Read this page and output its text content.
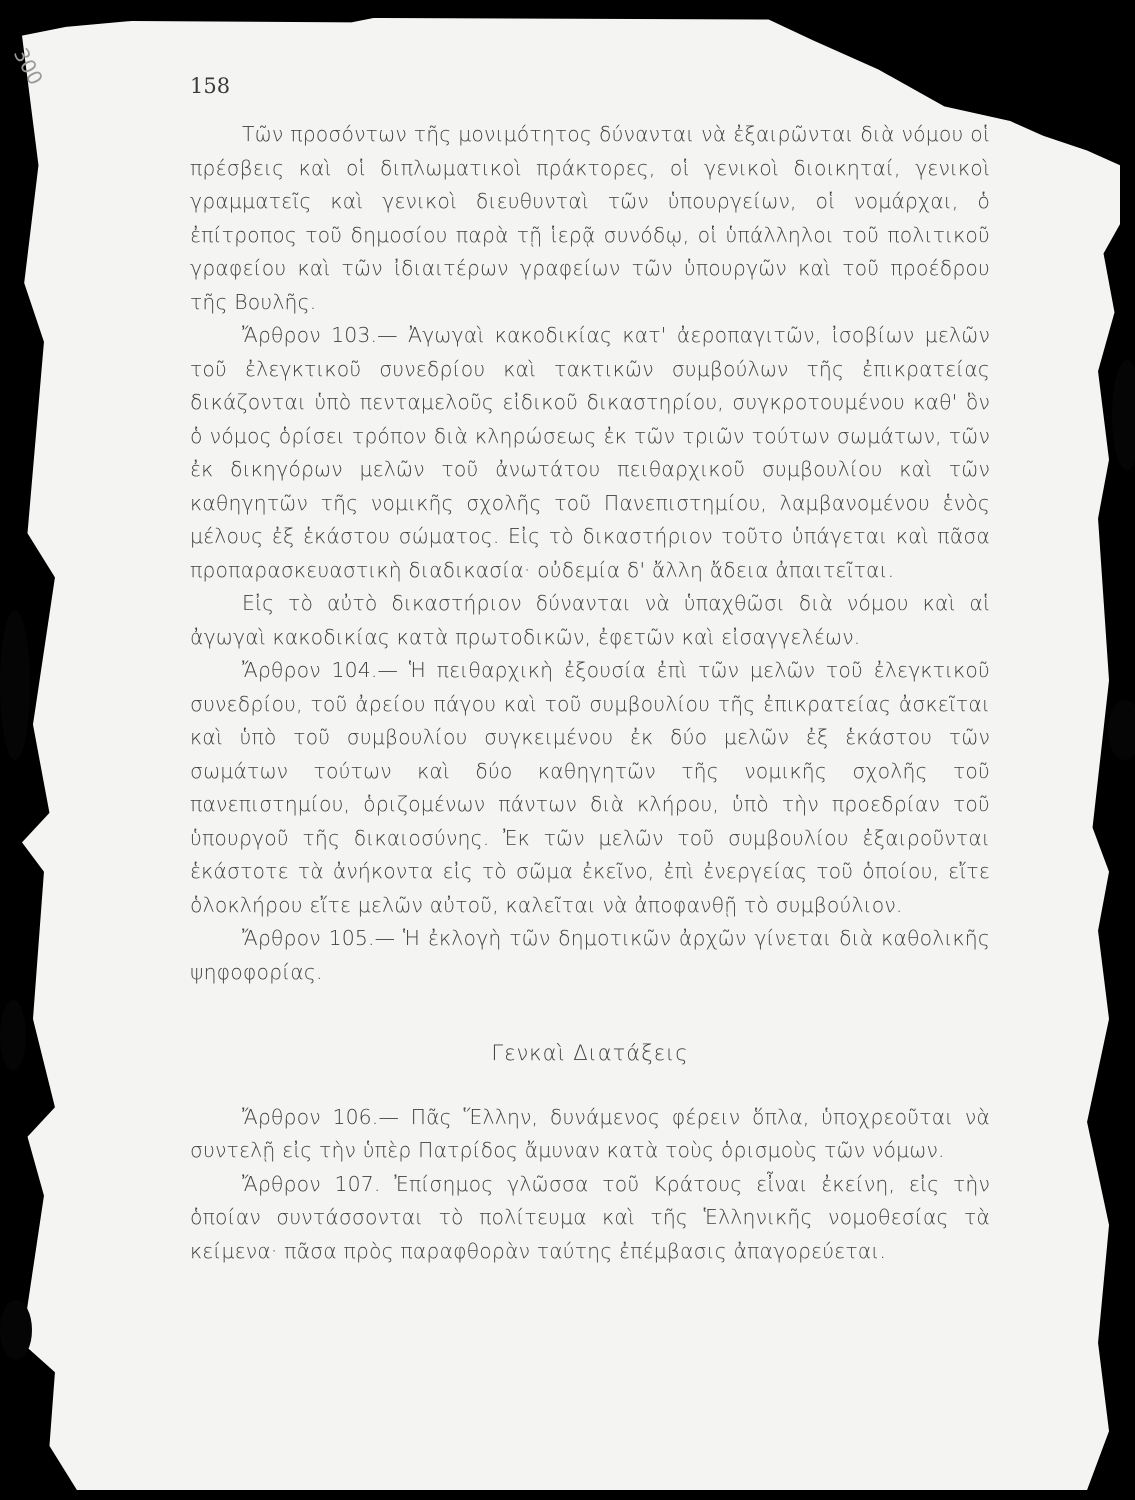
300	158

Τῶν προσόντων τῆς μονιμότητος δύνανται νὰ ἐξαιρῶνται διὰ νόμου οἱ πρέσβεις καὶ οἱ διπλωματικοὶ πράκτορες, οἱ γενικοὶ διοικηταί, γενικοὶ γραμματεῖς καὶ γενικοὶ διευθυνταὶ τῶν ὑπουργείων, οἱ νομάρχαι, ὁ ἐπίτροπος τοῦ δημοσίου παρὰ τῇ ἱερᾷ συνόδῳ, οἱ ὑπάλληλοι τοῦ πολιτικοῦ γραφείου καὶ τῶν ἰδιαιτέρων γραφείων τῶν ὑπουργῶν καὶ τοῦ προέδρου τῆς Βουλῆς.

Ἄρθρον 103.— Ἀγωγαὶ κακοδικίας κατ' ἀεροπαγιτῶν, ἰσοβίων μελῶν τοῦ ἐλεγκτικοῦ συνεδρίου καὶ τακτικῶν συμβούλων τῆς ἐπικρατείας δικάζονται ὑπὸ πενταμελοῦς εἰδικοῦ δικαστηρίου, συγκροτουμένου καθ' ὃν ὁ νόμος ὁρίσει τρόπον διὰ κληρώσεως ἐκ τῶν τριῶν τούτων σωμάτων, τῶν ἐκ δικηγόρων μελῶν τοῦ ἀνωτάτου πειθαρχικοῦ συμβουλίου καὶ τῶν καθηγητῶν τῆς νομικῆς σχολῆς τοῦ Πανεπιστημίου, λαμβανομένου ἑνὸς μέλους ἐξ ἑκάστου σώματος. Εἰς τὸ δικαστήριον τοῦτο ὑπάγεται καὶ πᾶσα προπαρασκευαστικὴ διαδικασία· οὐδεμία δ' ἄλλη ἄδεια ἀπαιτεῖται.

Εἰς τὸ αὐτὸ δικαστήριον δύνανται νὰ ὑπαχθῶσι διὰ νόμου καὶ αἱ ἀγωγαὶ κακοδικίας κατὰ πρωτοδικῶν, ἐφετῶν καὶ εἰσαγγελέων.

Ἄρθρον 104.— Ἡ πειθαρχικὴ ἐξουσία ἐπὶ τῶν μελῶν τοῦ ἐλεγκτικοῦ συνεδρίου, τοῦ ἀρείου πάγου καὶ τοῦ συμβουλίου τῆς ἐπικρατείας ἀσκεῖται καὶ ὑπὸ τοῦ συμβουλίου συγκειμένου ἐκ δύο μελῶν ἐξ ἑκάστου τῶν σωμάτων τούτων καὶ δύο καθηγητῶν τῆς νομικῆς σχολῆς τοῦ πανεπιστημίου, ὁριζομένων πάντων διὰ κλήρου, ὑπὸ τὴν προεδρίαν τοῦ ὑπουργοῦ τῆς δικαιοσύνης. Ἐκ τῶν μελῶν τοῦ συμβουλίου ἐξαιροῦνται ἑκάστοτε τὰ ἀνήκοντα εἰς τὸ σῶμα ἐκεῖνο, ἐπὶ ἐνεργείας τοῦ ὁποίου, εἴτε ὁλοκλήρου εἴτε μελῶν αὐτοῦ, καλεῖται νὰ ἀποφανθῇ τὸ συμβούλιον.

Ἄρθρον 105.— Ἡ ἐκλογὴ τῶν δημοτικῶν ἀρχῶν γίνεται διὰ καθολικῆς ψηφοφορίας.

Γενκαὶ Διατάξεις

Ἄρθρον 106.— Πᾶς Ἕλλην, δυνάμενος φέρειν ὅπλα, ὑποχρεοῦται νὰ συντελῇ εἰς τὴν ὑπὲρ Πατρίδος ἄμυναν κατὰ τοὺς ὁρισμοὺς τῶν νόμων.

Ἄρθρον 107. Ἐπίσημος γλῶσσα τοῦ Κράτους εἶναι ἐκείνη, εἰς τὴν ὁποίαν συντάσσονται τὸ πολίτευμα καὶ τῆς Ἑλληνικῆς νομοθεσίας τὰ κείμενα· πᾶσα πρὸς παραφθορὰν ταύτης ἐπέμβασις ἀπαγορεύεται.
